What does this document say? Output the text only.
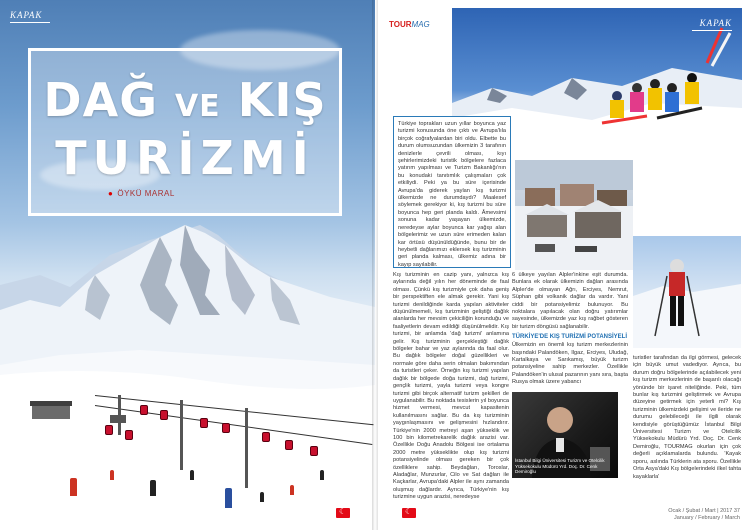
KAPAK
DAĞ VE KIŞ
TURİZMİ
● ÖYKÜ MARAL
36 Ocak / Şubat / Mart | 2017
January / February / March
☾
TOURMAG	KAPAK

Türkiye toprakları uzun yıllar boyunca yaz turizmi konusunda öne çıktı ve Avrupa'lıla birçok coğrafyalardan biri oldu. Elbette bu durum olumsuzundan ülkemizin 3 tarafının denizlerle çevrili olması, kıyı şehirlerimizdeki turistik bölgelere fazlaca yatırım yapılması ve Turizm Bakanlığı'nın bu konudaki tanıtımlık çalışmaları çok etkiliydi. Peki ya bu süre içerisinde Avrupa'da giderek yaylan kış turizmi ülkemizde ne durumdaydı? Maalesef söylemek gerekiyor ki, kış turizmi bu süre boyunca hep geri planda kaldı. Âmevsimi sonuna kadar yaşayan ülkemizde, neredeyse aylar boyunca kar yağışı alan bölgelerimiz ve uzun süre erimeden kalan kar örtüsü düşünüldüğünde, bunu bir de heybetli dağlarımızı eklersek kış turizminin geri planda kalması, ülkemiz adına bir kayıp sayılabilir.

Kış turizminin en cazip yanı, yalnızca kış aylarında değil yılın her döneminde de faal olması. Çünkü kış turizmiyle çok daha geniş bir perspektiften ele almak gerekir. Yani kış turizmi denildiğinde karda yapılan aktiviteler düşünülmemeli, kış turizminin geliştiği dağlık alanlarda her mevsim çekiciliğin korunduğu ve faaliyetlerin devam edildiği düşünülmelidir. Kış turizmi, bir anlamda 'dağ turizmi' anlamına gelir. Kış turizminin gerçekleştiği dağlık bölgeler bahar ve yaz aylarında da faal olur. Bu dağlık bölgeler doğal güzellikleri ve normale göre daha serin olmaları bakımından da turistleri çeker. Örneğin kış turizmi yapılan dağlık bir bölgede doğa turizmi, dağ turizmi, gençlik turizmi, yayla turizmi veya kongre turizmi gibi birçok alternatif turizm şekilleri de uygulanabilir. Bu noktada tesislerin yıl boyunca hizmet vermesi, mevcut kapasitenin kullanılmasını sağlar. Bu da kış turizminin yaygınlaşmasını ve gelişmesini hızlandırır. Türkiye'nin 2000 metreyi aşan yükseklik ve 100 bin kilometrekarelik dağlık arazisi var. Özellikle Doğu Anadolu Bölgesi ise ortalama 2000 metre yükseklikte olup kış turizmi potansiyelinde olması gereken bir çok özelliklere sahip. Beydağları, Toroslar, Aladağlar, Munzurlar, Cilo ve Sat dağları ile Kaçkarlar, Avrupa'daki Alpler ile aynı zamanda oluşmuş dağlardır. Ayrıca, Türkiye'nin kış turizmine uygun arazisi, neredeyse

6 ülkeye yayılan Alpler'inkine eşit durumda. Bunlara ek olarak ülkemizin dağları arasında Alpler'de olmayan Ağrı, Erciyes, Nemrut, Süphan gibi volkanik dağlar da vardır. Yani ciddi bir potansiyelimiz bulunuyor. Bu noktalara yapılacak olan doğru yatırımlar sayesinde, ülkemizde yaz kış rağbet gösteren bir turizm döngüsü sağlanabilir.

TÜRKİYE'DE KIŞ TURİZMİ POTANSİYELİ

Ülkemizin en önemli kış turizm merkezlerinin başındaki Palandöken, Ilgaz, Erciyes, Uludağ, Kartalkaya ve Sarıkamış, büyük turizm potansiyeline sahip merkezler. Özellikle Palandöken'in ulusal pazarının yanı sıra, başta Rusya olmak üzere yabancı

İstanbul Bilgi Üniversitesi Turizm ve Otelcilik Yüksekokulu Müdürü Yrd. Doç. Dr. Cenk Demiroğlu

turistler tarafından da ilgi görmesi, gelecek için büyük umut vadediyor. Ayrıca, bu durum doğru bölgelerinde açılabilecek yeni kış turizm merkezlerinin de başarılı olacağı yönünde bir işaret niteliğinde. Peki, tüm bunlar kış turizmini geliştirmek ve Avrupa düzeyine getirmek için yeterli mi? Kış turizminin ülkemizdeki gelişimi ve ileride ne durumu gelebileceği ile ilgili olarak kendisiyle görüştüğümüz İstanbul Bilgi Üniversitesi Turizm ve Otelcilik Yüksekokulu Müdürü Yrd. Doç. Dr. Cenk Demiroğlu, TOURMAG okurları için çok değerli açıklamalarda bulundu. 'Kayak sporu, aslında Türklerin ata sporu. Özellikle Orta Asya'daki Kış bölgelerindeki ilkel tahta kayaklarla'

☾
Ocak / Şubat / Mart | 2017 37
January / February / March
